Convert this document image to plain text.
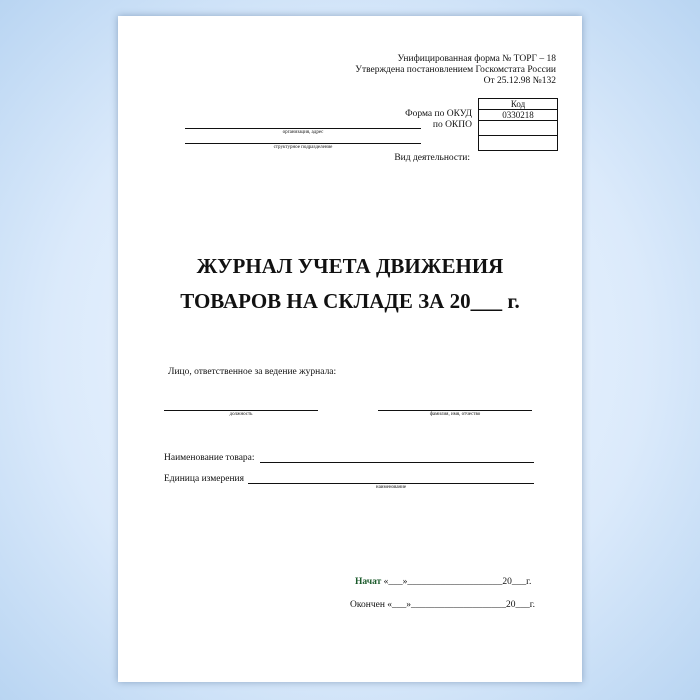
Унифицированная форма № ТОРГ – 18
Утверждена постановлением Госкомстата России
От 25.12.98 №132
Код
0330218
Форма по ОКУД
по ОКПО
Вид деятельности:
организация, адрес
структурное подразделение
ЖУРНАЛ УЧЕТА ДВИЖЕНИЯ
ТОВАРОВ НА СКЛАДЕ ЗА 20___ г.
Лицо, ответственное за ведение журнала:
должность	фамилия, имя, отчество
Наименование товара:
Единица измерения
наименование
Начат «___»____________________20___г.
Окончен «___»____________________20___г.
